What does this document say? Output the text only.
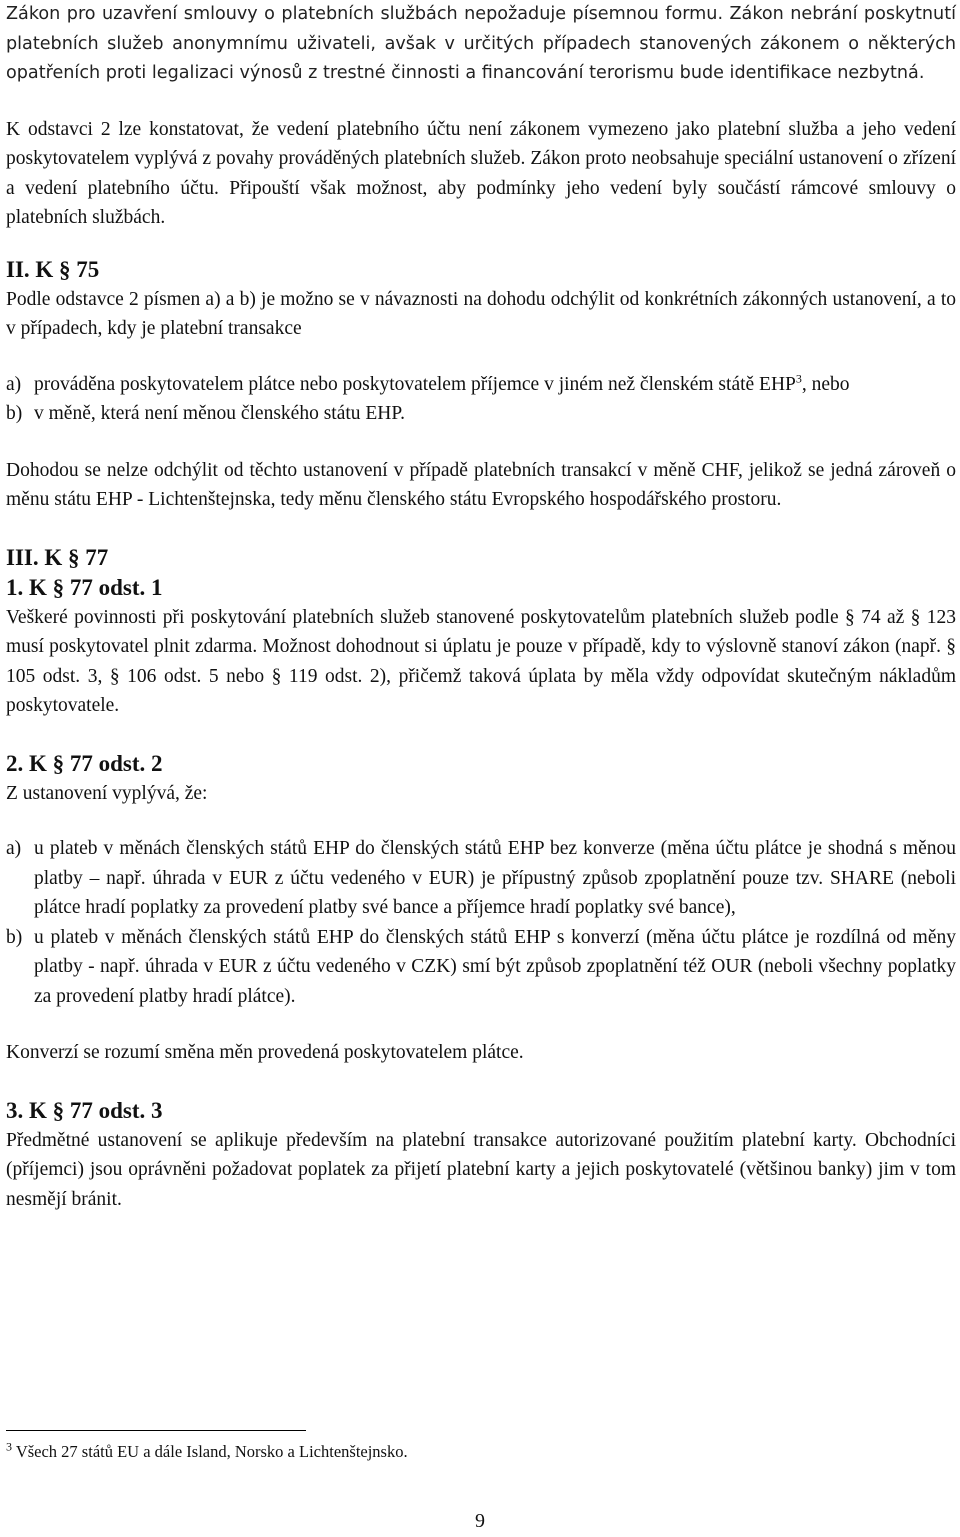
Zákon pro uzavření smlouvy o platebních službách nepožaduje písemnou formu. Zákon nebrání poskytnutí platebních služeb anonymnímu uživateli, avšak v určitých případech stanovených zákonem o některých opatřeních proti legalizaci výnosů z trestné činnosti a financování terorismu bude identifikace nezbytná.

K odstavci 2 lze konstatovat, že vedení platebního účtu není zákonem vymezeno jako platební služba a jeho vedení poskytovatelem vyplývá z povahy prováděných platebních služeb. Zákon proto neobsahuje speciální ustanovení o zřízení a vedení platebního účtu. Připouští však možnost, aby podmínky jeho vedení byly součástí rámcové smlouvy o platebních službách.

II. K § 75

Podle odstavce 2 písmen a) a b) je možno se v návaznosti na dohodu odchýlit od konkrétních zákonných ustanovení, a to v případech, kdy je platební transakce

a) prováděna poskytovatelem plátce nebo poskytovatelem příjemce v jiném než členském státě EHP$^3$, nebo
b) v měně, která není měnou členského státu EHP.

Dohodou se nelze odchýlit od těchto ustanovení v případě platebních transakcí v měně CHF, jelikož se jedná zároveň o měnu státu EHP - Lichtenštejnska, tedy měnu členského státu Evropského hospodářského prostoru.

III. K § 77
1. K § 77 odst. 1

Veškeré povinnosti při poskytování platebních služeb stanovené poskytovatelům platebních služeb podle § 74 až § 123 musí poskytovatel plnit zdarma. Možnost dohodnout si úplatu je pouze v případě, kdy to výslovně stanoví zákon (např. § 105 odst. 3, § 106 odst. 5 nebo § 119 odst. 2), přičemž taková úplata by měla vždy odpovídat skutečným nákladům poskytovatele.

2. K § 77 odst. 2

Z ustanovení vyplývá, že:

a) u plateb v měnách členských států EHP do členských států EHP bez konverze (měna účtu plátce je shodná s měnou platby – např. úhrada v EUR z účtu vedeného v EUR) je přípustný způsob zpoplatnění pouze tzv. SHARE (neboli plátce hradí poplatky za provedení platby své bance a příjemce hradí poplatky své bance),
b) u plateb v měnách členských států EHP do členských států EHP s konverzí (měna účtu plátce je rozdílná od měny platby - např. úhrada v EUR z účtu vedeného v CZK) smí být způsob zpoplatnění též OUR (neboli všechny poplatky za provedení platby hradí plátce).

Konverzí se rozumí směna měn provedená poskytovatelem plátce.

3. K § 77 odst. 3

Předmětné ustanovení se aplikuje především na platební transakce autorizované použitím platební karty. Obchodníci (příjemci) jsou oprávněni požadovat poplatek za přijetí platební karty a jejich poskytovatelé (většinou banky) jim v tom nesmějí bránit.

$^3$ Všech 27 států EU a dále Island, Norsko a Lichtenštejnsko.
9
